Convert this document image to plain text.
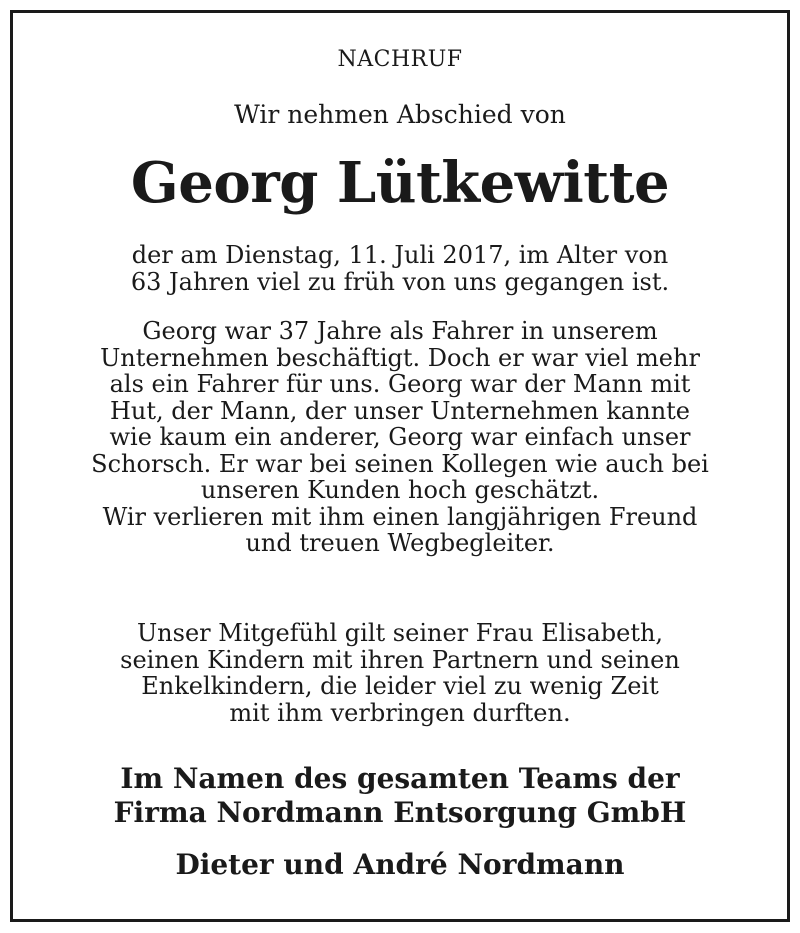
NACHRUF
Wir nehmen Abschied von
Georg Lütkewitte
der am Dienstag, 11. Juli 2017, im Alter von
63 Jahren viel zu früh von uns gegangen ist.
Georg war 37 Jahre als Fahrer in unserem
Unternehmen beschäftigt. Doch er war viel mehr
als ein Fahrer für uns. Georg war der Mann mit
Hut, der Mann, der unser Unternehmen kannte
wie kaum ein anderer, Georg war einfach unser
Schorsch. Er war bei seinen Kollegen wie auch bei
unseren Kunden hoch geschätzt.
Wir verlieren mit ihm einen langjährigen Freund
und treuen Wegbegleiter.
Unser Mitgefühl gilt seiner Frau Elisabeth,
seinen Kindern mit ihren Partnern und seinen
Enkelkindern, die leider viel zu wenig Zeit
mit ihm verbringen durften.
Im Namen des gesamten Teams der
Firma Nordmann Entsorgung GmbH
Dieter und André Nordmann
